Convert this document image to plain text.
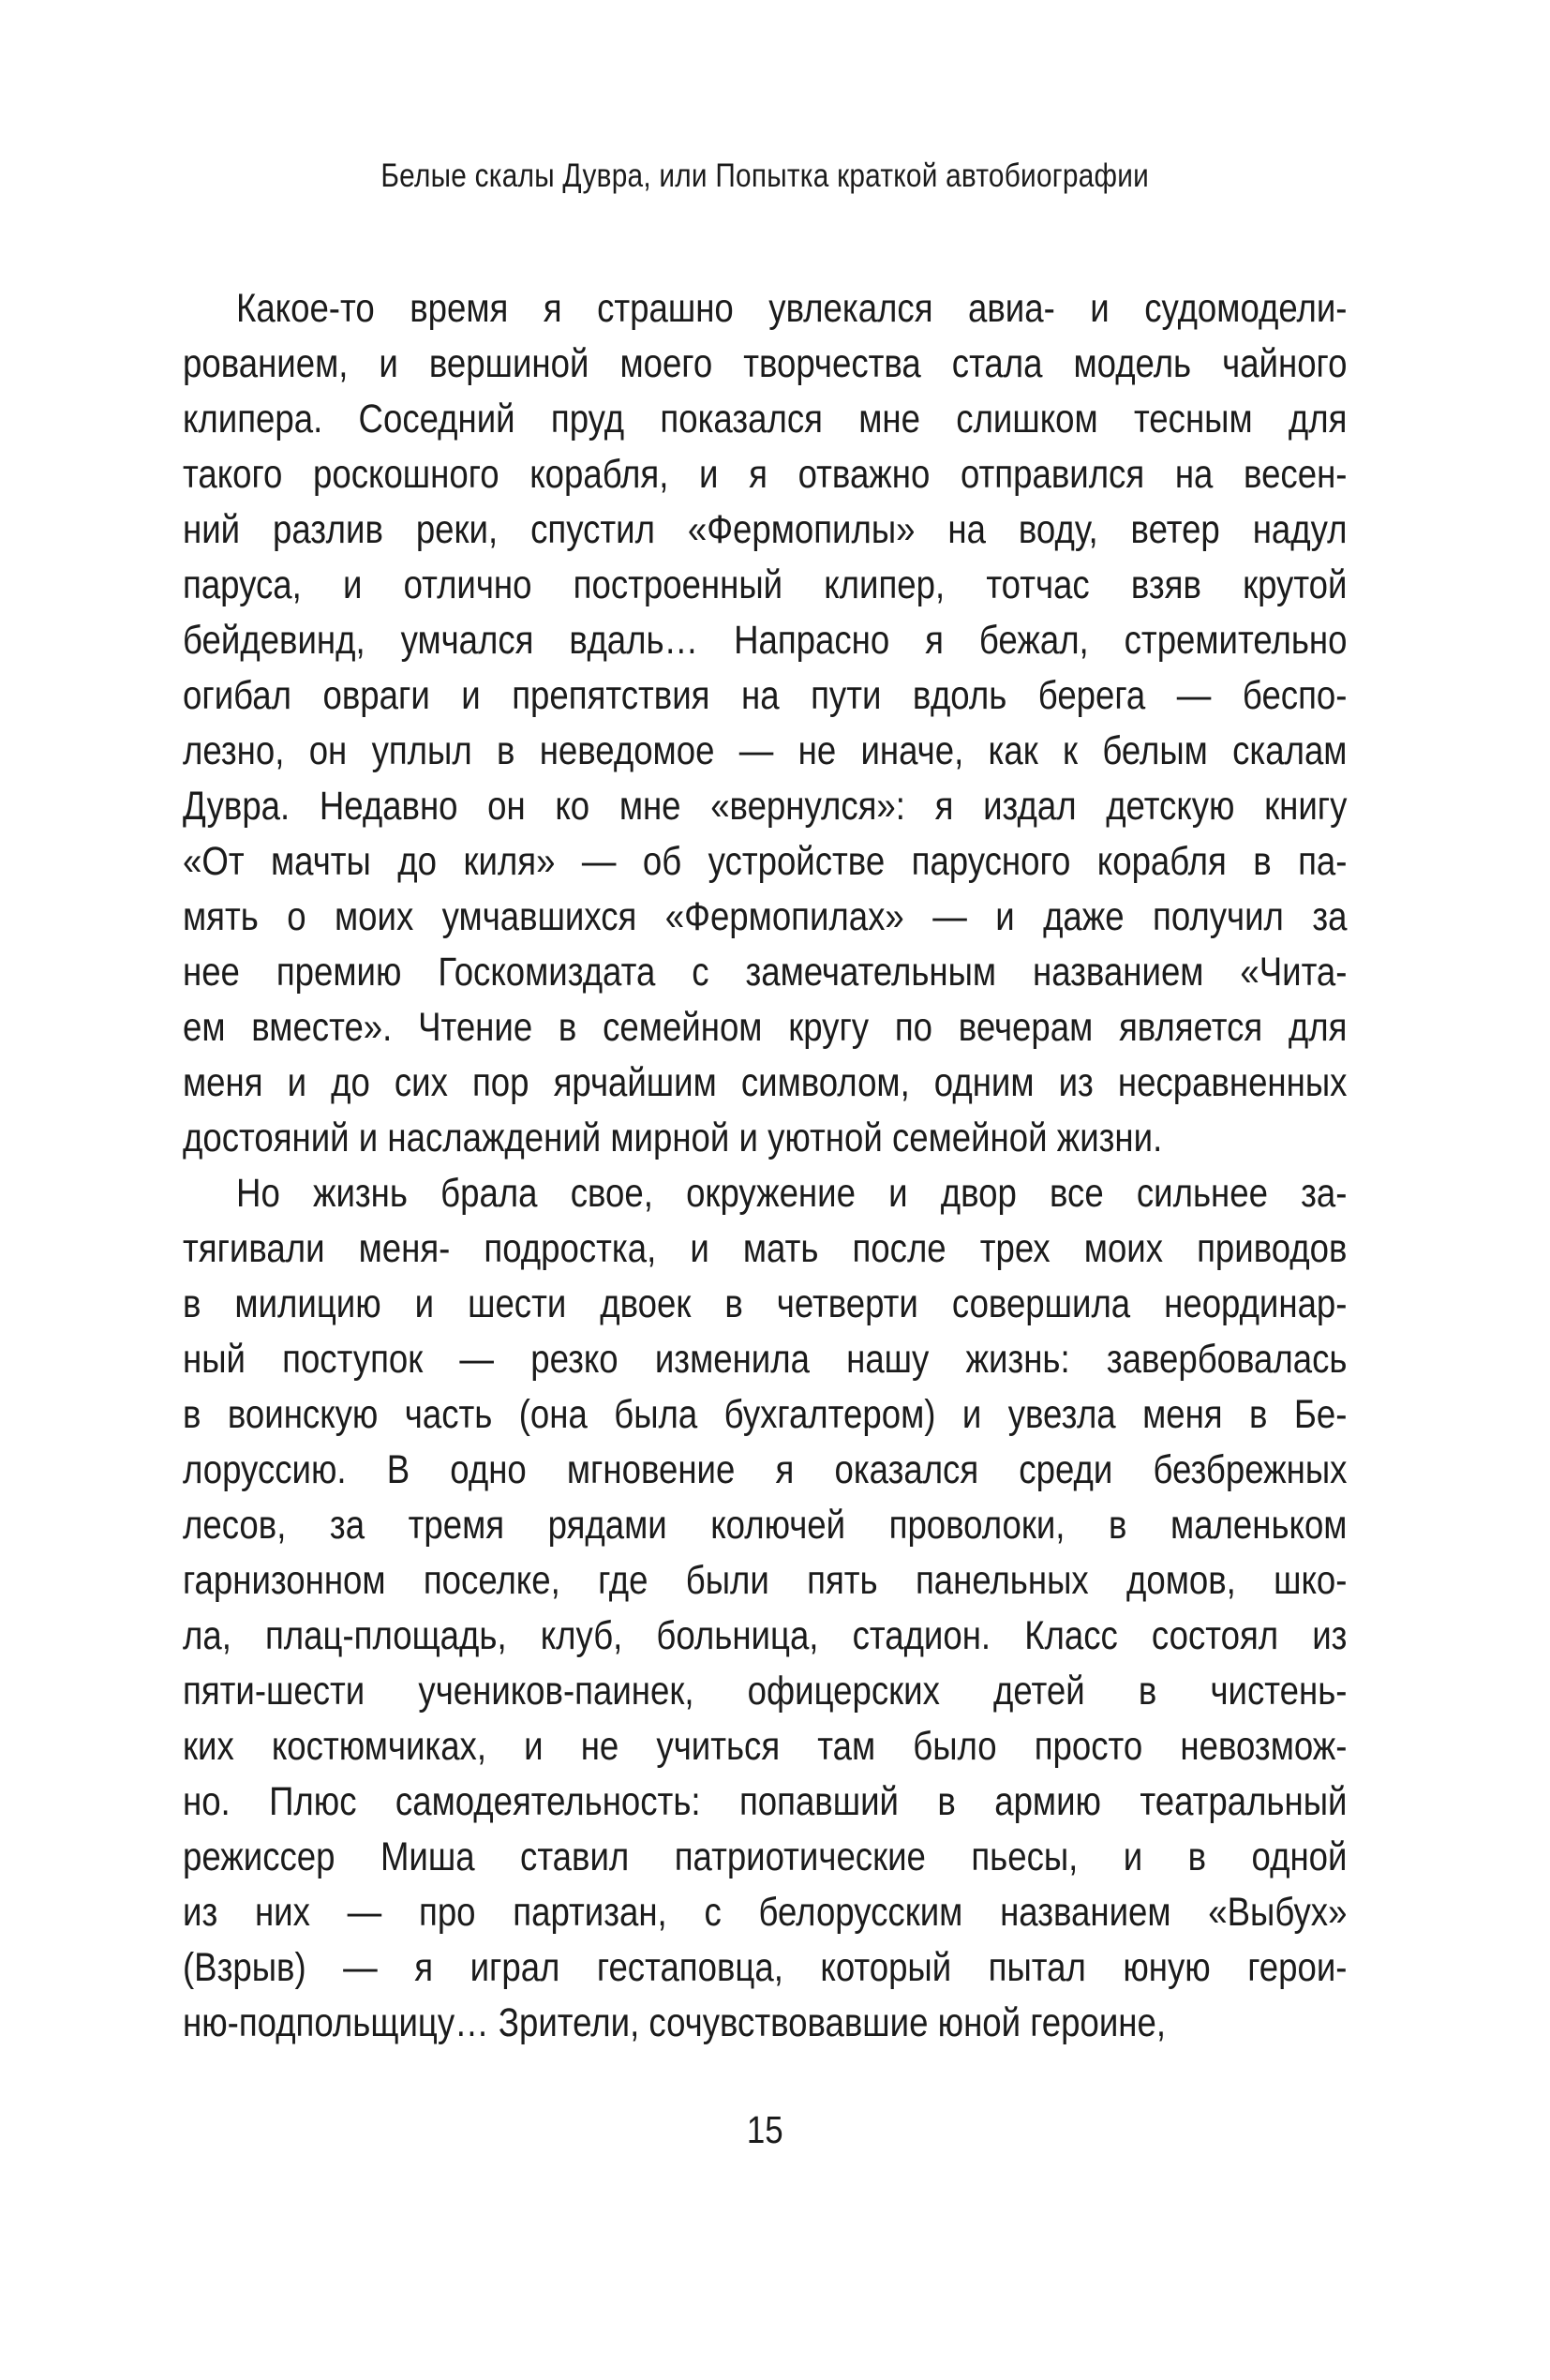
Белые скалы Дувра, или Попытка краткой автобиографии
Какое-то время я страшно увлекался авиа- и судомодели-
рованием, и вершиной моего творчества стала модель чайного
клипера. Соседний пруд показался мне слишком тесным для
такого роскошного корабля, и я отважно отправился на весен-
ний разлив реки, спустил «Фермопилы» на воду, ветер надул
паруса, и отлично построенный клипер, тотчас взяв крутой
бейдевинд, умчался вдаль… Напрасно я бежал, стремительно
огибал овраги и препятствия на пути вдоль берега — беспо-
лезно, он уплыл в неведомое — не иначе, как к белым скалам
Дувра. Недавно он ко мне «вернулся»: я издал детскую книгу
«От мачты до киля» — об устройстве парусного корабля в па-
мять о моих умчавшихся «Фермопилах» — и даже получил за
нее премию Госкомиздата с замечательным названием «Чита-
ем вместе». Чтение в семейном кругу по вечерам является для
меня и до сих пор ярчайшим символом, одним из несравненных
достояний и наслаждений мирной и уютной семейной жизни.
Но жизнь брала свое, окружение и двор все сильнее за-
тягивали меня- подростка, и мать после трех моих приводов
в милицию и шести двоек в четверти совершила неординар-
ный поступок — резко изменила нашу жизнь: завербовалась
в воинскую часть (она была бухгалтером) и увезла меня в Бе-
лоруссию. В одно мгновение я оказался среди безбрежных
лесов, за тремя рядами колючей проволоки, в маленьком
гарнизонном поселке, где были пять панельных домов, шко-
ла, плац-площадь, клуб, больница, стадион. Класс состоял из
пяти-шести учеников-паинек, офицерских детей в чистень-
ких костюмчиках, и не учиться там было просто невозмож-
но. Плюс самодеятельность: попавший в армию театральный
режиссер Миша ставил патриотические пьесы, и в одной
из них — про партизан, с белорусским названием «Выбух»
(Взрыв) — я играл гестаповца, который пытал юную герои-
ню-подпольщицу… Зрители, сочувствовавшие юной героине,
15
